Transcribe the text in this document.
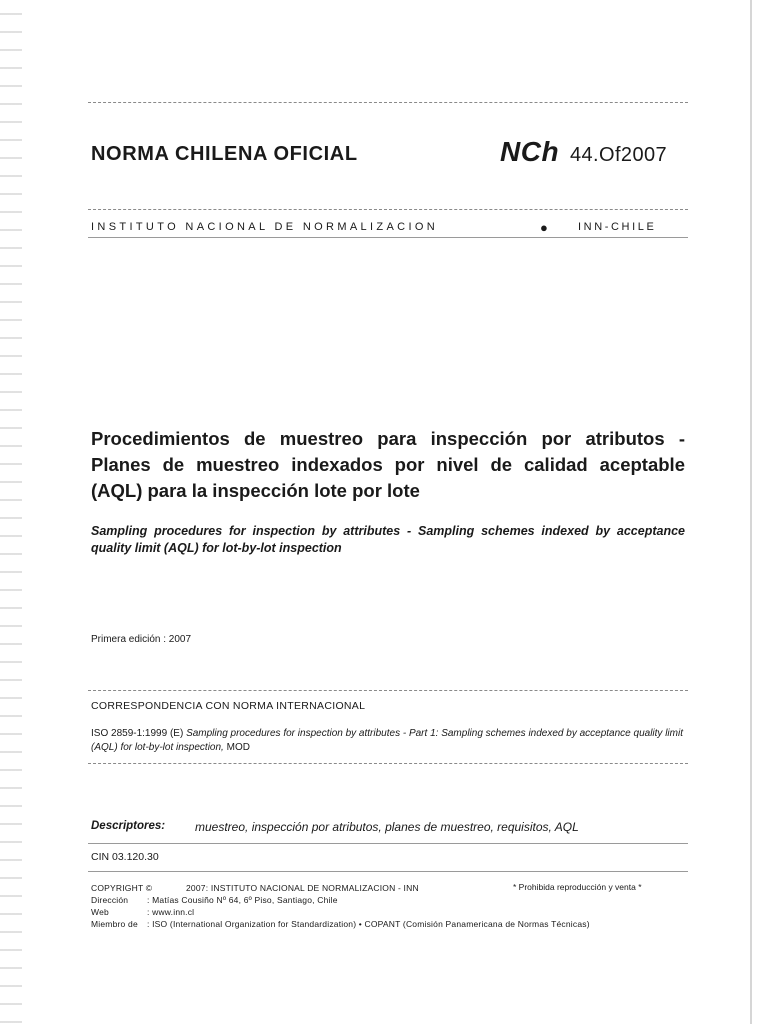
NORMA CHILENA OFICIAL	NCh 44.Of2007
INSTITUTO NACIONAL DE NORMALIZACION	●	INN-CHILE
Procedimientos de muestreo para inspección por atributos - Planes de muestreo indexados por nivel de calidad aceptable (AQL) para la inspección lote por lote
Sampling procedures for inspection by attributes - Sampling schemes indexed by acceptance quality limit (AQL) for lot-by-lot inspection
Primera edición : 2007
CORRESPONDENCIA CON NORMA INTERNACIONAL
ISO 2859-1:1999 (E) Sampling procedures for inspection by attributes - Part 1: Sampling schemes indexed by acceptance quality limit (AQL) for lot-by-lot inspection, MOD
Descriptores: muestreo, inspección por atributos, planes de muestreo, requisitos, AQL
CIN 03.120.30
COPYRIGHT ©	2007: INSTITUTO NACIONAL DE NORMALIZACION - INN	* Prohibida reproducción y venta *
Dirección : Matías Cousiño Nº 64, 6º Piso, Santiago, Chile
Web	: www.inn.cl
Miembro de : ISO (International Organization for Standardization) • COPANT (Comisión Panamericana de Normas Técnicas)
